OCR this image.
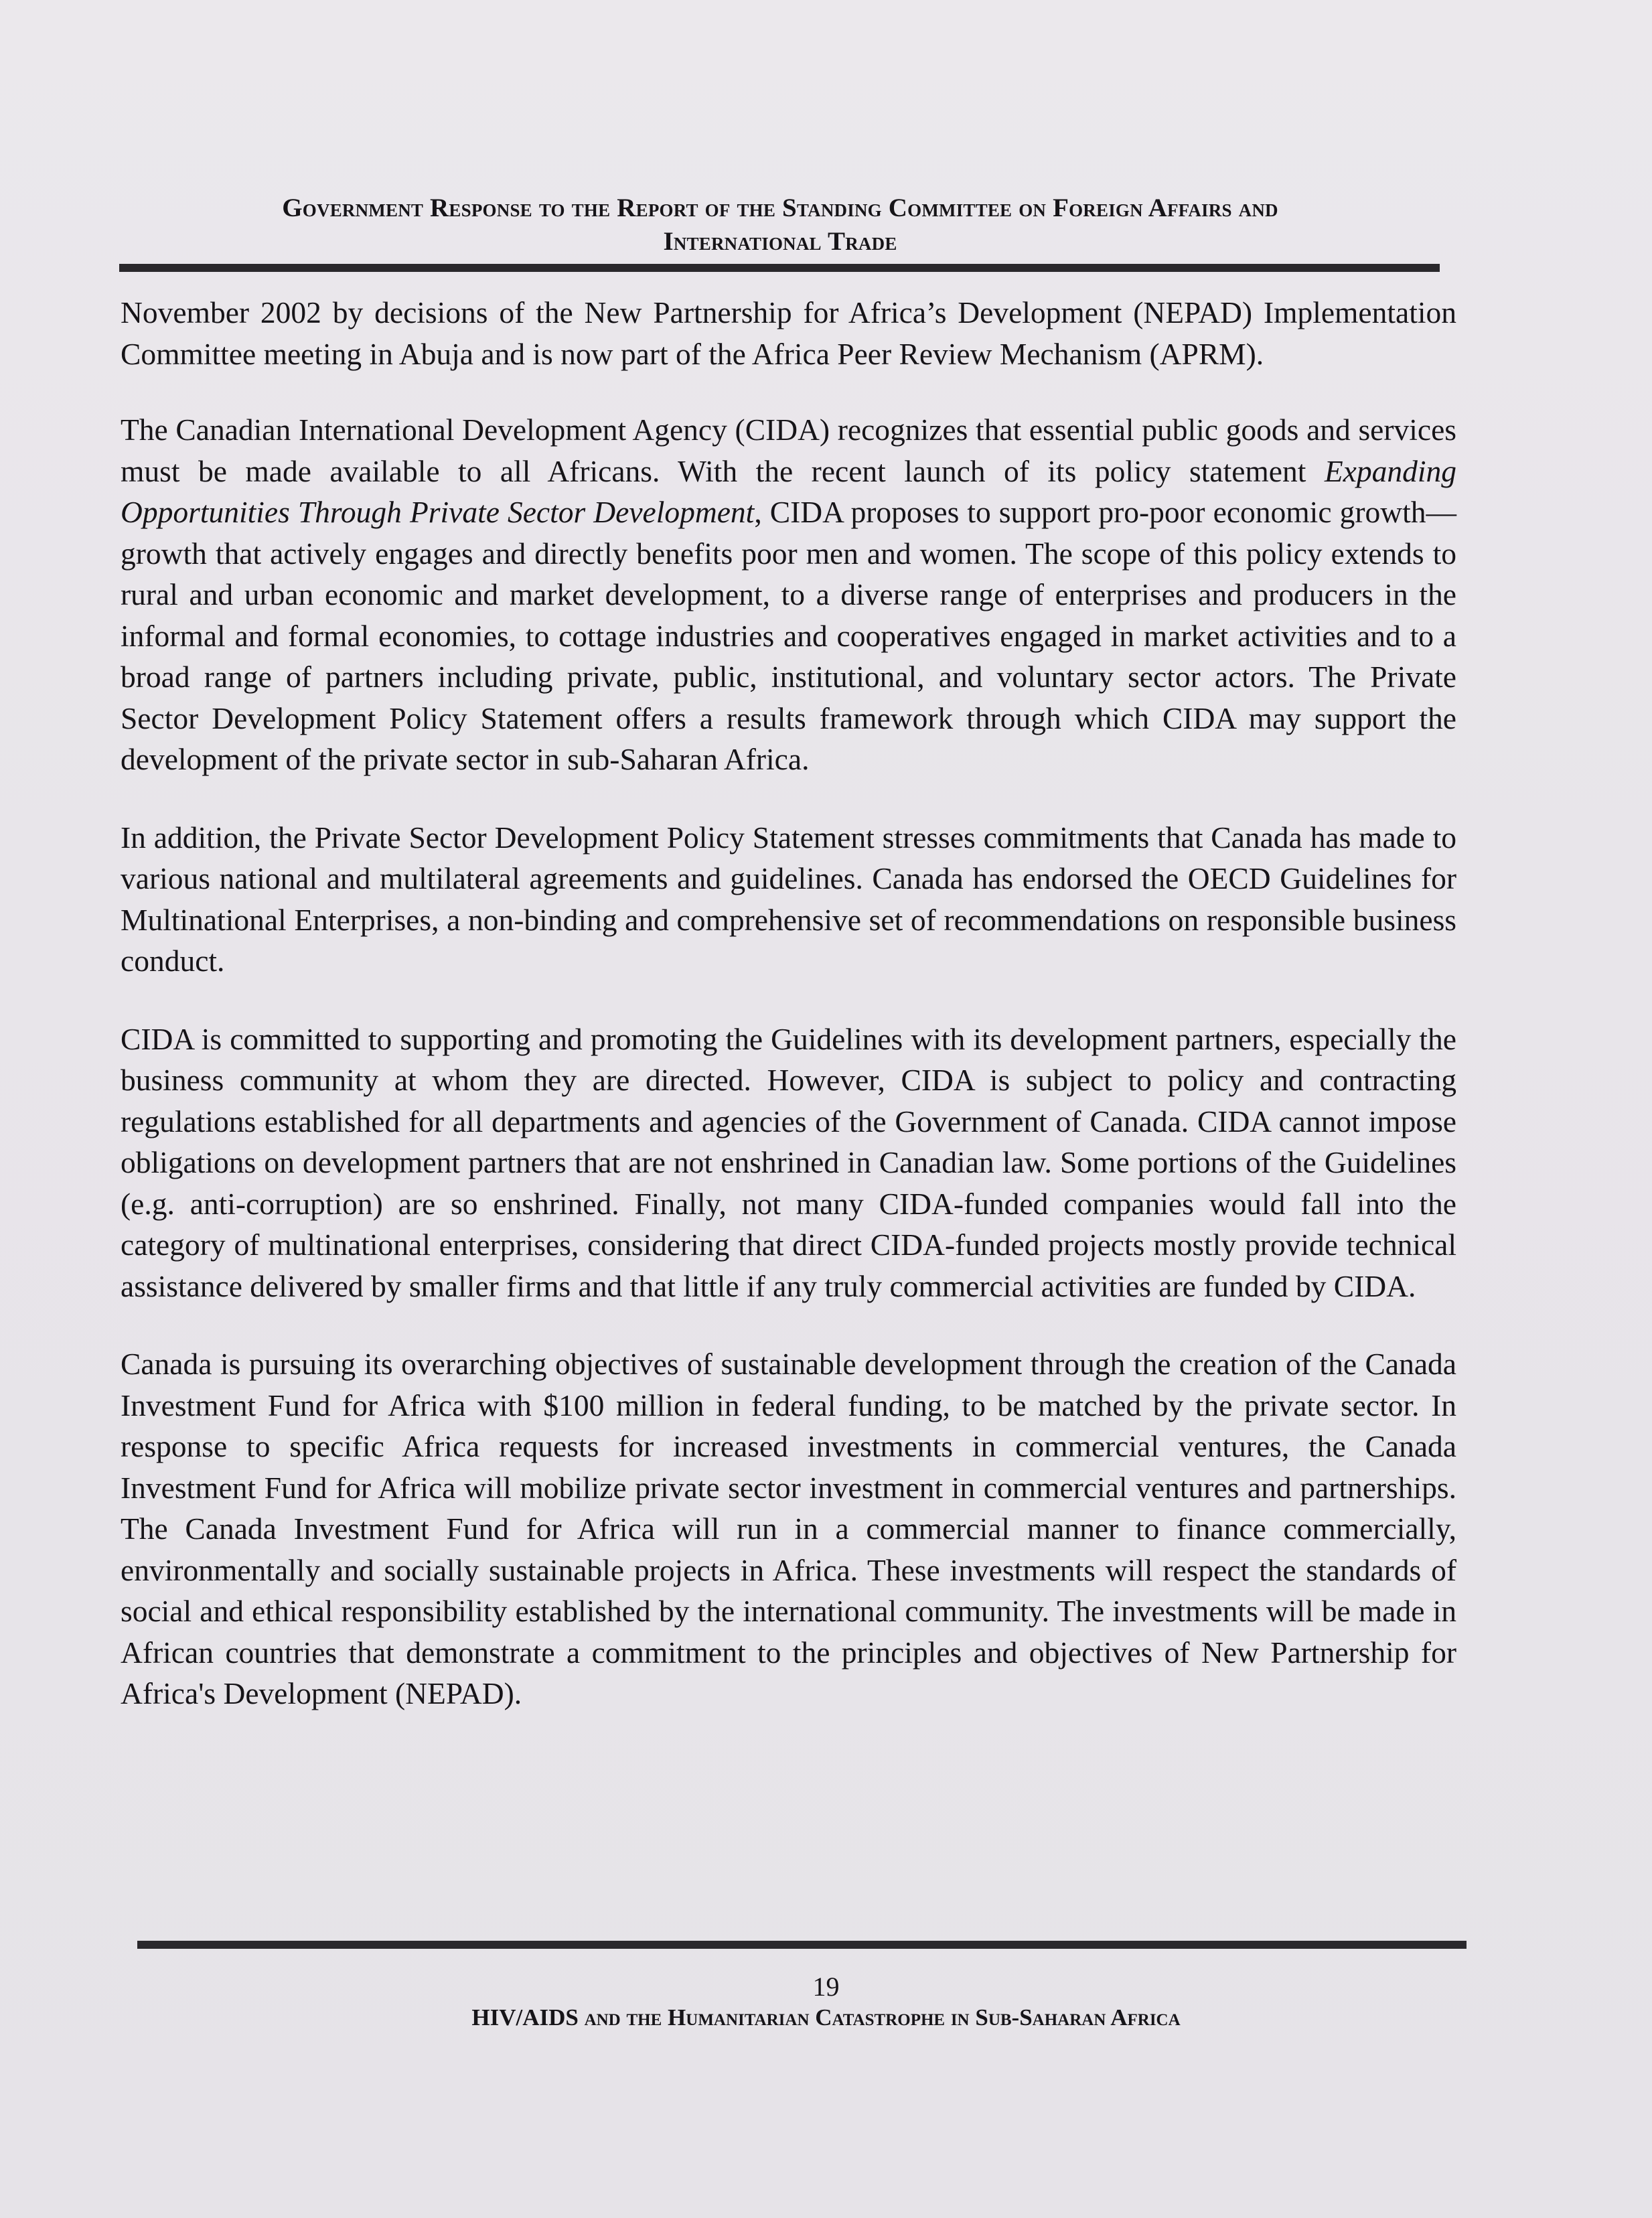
Government Response to the Report of the Standing Committee on Foreign Affairs and
International Trade

November 2002 by decisions of the New Partnership for Africa’s Development (NEPAD) Implementation Committee meeting in Abuja and is now part of the Africa Peer Review Mechanism (APRM).

The Canadian International Development Agency (CIDA) recognizes that essential public goods and services must be made available to all Africans. With the recent launch of its policy statement Expanding Opportunities Through Private Sector Development, CIDA proposes to support pro-poor economic growth—growth that actively engages and directly benefits poor men and women. The scope of this policy extends to rural and urban economic and market development, to a diverse range of enterprises and producers in the informal and formal economies, to cottage industries and cooperatives engaged in market activities and to a broad range of partners including private, public, institutional, and voluntary sector actors. The Private Sector Development Policy Statement offers a results framework through which CIDA may support the development of the private sector in sub-Saharan Africa.

In addition, the Private Sector Development Policy Statement stresses commitments that Canada has made to various national and multilateral agreements and guidelines. Canada has endorsed the OECD Guidelines for Multinational Enterprises, a non-binding and comprehensive set of recommendations on responsible business conduct.

CIDA is committed to supporting and promoting the Guidelines with its development partners, especially the business community at whom they are directed. However, CIDA is subject to policy and contracting regulations established for all departments and agencies of the Government of Canada. CIDA cannot impose obligations on development partners that are not enshrined in Canadian law. Some portions of the Guidelines (e.g. anti-corruption) are so enshrined. Finally, not many CIDA-funded companies would fall into the category of multinational enterprises, considering that direct CIDA-funded projects mostly provide technical assistance delivered by smaller firms and that little if any truly commercial activities are funded by CIDA.

Canada is pursuing its overarching objectives of sustainable development through the creation of the Canada Investment Fund for Africa with $100 million in federal funding, to be matched by the private sector. In response to specific Africa requests for increased investments in commercial ventures, the Canada Investment Fund for Africa will mobilize private sector investment in commercial ventures and partnerships. The Canada Investment Fund for Africa will run in a commercial manner to finance commercially, environmentally and socially sustainable projects in Africa. These investments will respect the standards of social and ethical responsibility established by the international community. The investments will be made in African countries that demonstrate a commitment to the principles and objectives of New Partnership for Africa's Development (NEPAD).

19
HIV/AIDS and the Humanitarian Catastrophe in Sub-Saharan Africa
